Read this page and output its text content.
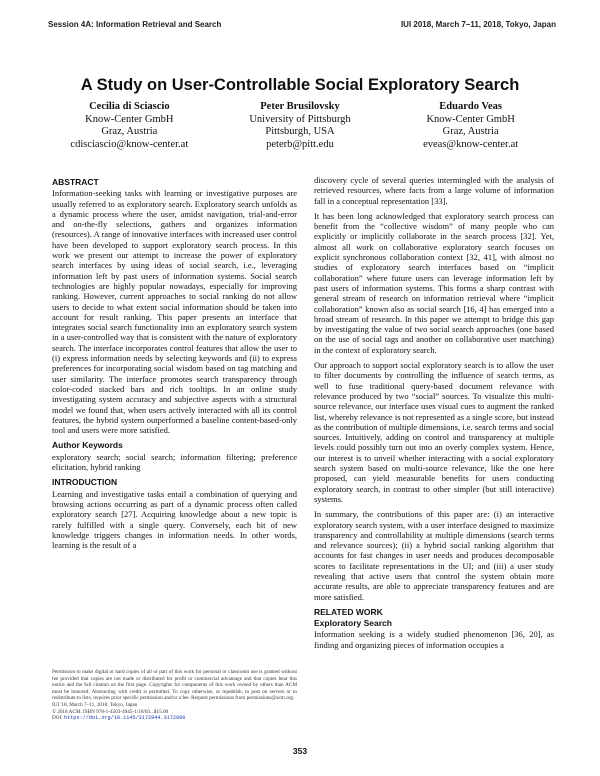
Session 4A: Information Retrieval and Search	IUI 2018, March 7–11, 2018, Tokyo, Japan
A Study on User-Controllable Social Exploratory Search
Cecilia di Sciascio
Know-Center GmbH
Graz, Austria
cdisciascio@know-center.at
Peter Brusilovsky
University of Pittsburgh
Pittsburgh, USA
peterb@pitt.edu
Eduardo Veas
Know-Center GmbH
Graz, Austria
eveas@know-center.at
ABSTRACT

Information-seeking tasks with learning or investigative purposes are usually referred to as exploratory search. Exploratory search unfolds as a dynamic process where the user, amidst navigation, trial-and-error and on-the-fly selections, gathers and organizes information (resources). A range of innovative interfaces with increased user control have been developed to support exploratory search process. In this work we present our attempt to increase the power of exploratory search interfaces by using ideas of social search, i.e., leveraging information left by past users of information systems. Social search technologies are highly popular nowadays, especially for improving ranking. However, current approaches to social ranking do not allow users to decide to what extent social information should be taken into account for result ranking. This paper presents an interface that integrates social search functionality into an exploratory search system in a user-controlled way that is consistent with the nature of exploratory search. The interface incorporates control features that allow the user to (i) express information needs by selecting keywords and (ii) to express preferences for incorporating social wisdom based on tag matching and user similarity. The interface promotes search transparency through color-coded stacked bars and rich tooltips. In an online study investigating system accuracy and subjective aspects with a structural model we found that, when users actively interacted with all its control features, the hybrid system outperformed a baseline content-based-only tool and users were more satisfied.

Author Keywords

exploratory search; social search; information filtering; preference elicitation, hybrid ranking

INTRODUCTION

Learning and investigative tasks entail a combination of querying and browsing actions occurring as part of a dynamic process often called exploratory search [27]. Acquiring knowledge about a new topic is rarely fulfilled with a single query. Conversely, each bit of new knowledge triggers changes in information needs. In other words, learning is the result of a

Permission to make digital or hard copies of all or part of this work for personal or classroom use is granted without fee provided that copies are not made or distributed for profit or commercial advantage and that copies bear this notice and the full citation on the first page. Copyrights for components of this work owned by others than ACM must be honored. Abstracting with credit is permitted. To copy otherwise, or republish, to post on servers or to redistribute to lists, requires prior specific permission and/or a fee. Request permissions from permissions@acm.org.

IUI '18, March 7–11, 2018, Tokyo, Japan

© 2018 ACM. ISBN 978-1-4503-4945-1/18/03...$15.00

DOI: https://doi.org/10.1145/3172944.3172986

discovery cycle of several queries intermingled with the analysis of retrieved resources, where facts from a large volume of information fall in a conceptual representation [33].

It has been long acknowledged that exploratory search process can benefit from the “collective wisdom” of many people who can explicitly or implicitly collaborate in the search process [32]. Yet, almost all work on collaborative exploratory search focuses on explicit synchronous collaboration context [32, 41], with almost no studies of exploratory search interfaces based on “implicit collaboration” where future users can leverage information left by past users of information systems. This forms a sharp contrast with general stream of research on information retrieval where “implicit collaboration” known also as social search [16, 4] has emerged into a broad stream of research. In this paper we attempt to bridge this gap by investigating the value of two social search approaches (one based on the use of social tags and another on collaborative user matching) in the context of exploratory search.

Our approach to support social exploratory search is to allow the user to filter documents by controlling the influence of search terms, as well to fuse traditional query-based document relevance with relevance produced by two “social” sources. To visualize this multi-source relevance, our interface uses visual cues to augment the ranked list, whereby relevance is not represented as a single score, but instead as the contribution of multiple dimensions, i.e. search terms and social sources. Intuitively, adding on control and transparency at multiple levels could possibly turn out into an overly complex system. Hence, our interest is to unveil whether interacting with a social exploratory search system based on multi-source relevance, like the one here proposed, can yield measurable benefits for users conducting exploratory search, in contrast to other simpler (but still interactive) systems.

In summary, the contributions of this paper are: (i) an interactive exploratory search system, with a user interface designed to maximize transparency and controllability at multiple dimensions (search terms and relevance sources); (ii) a hybrid social ranking algorithm that accounts for fast changes in user needs and produces decomposable scores to facilitate representations in the UI; and (iii) a user study revealing that active users that control the system obtain more accurate results, are able to appreciate transparency features and are more satisfied.

RELATED WORK
Exploratory Search

Information seeking is a widely studied phenomenon [36, 20], as finding and organizing pieces of information occupies a

353
